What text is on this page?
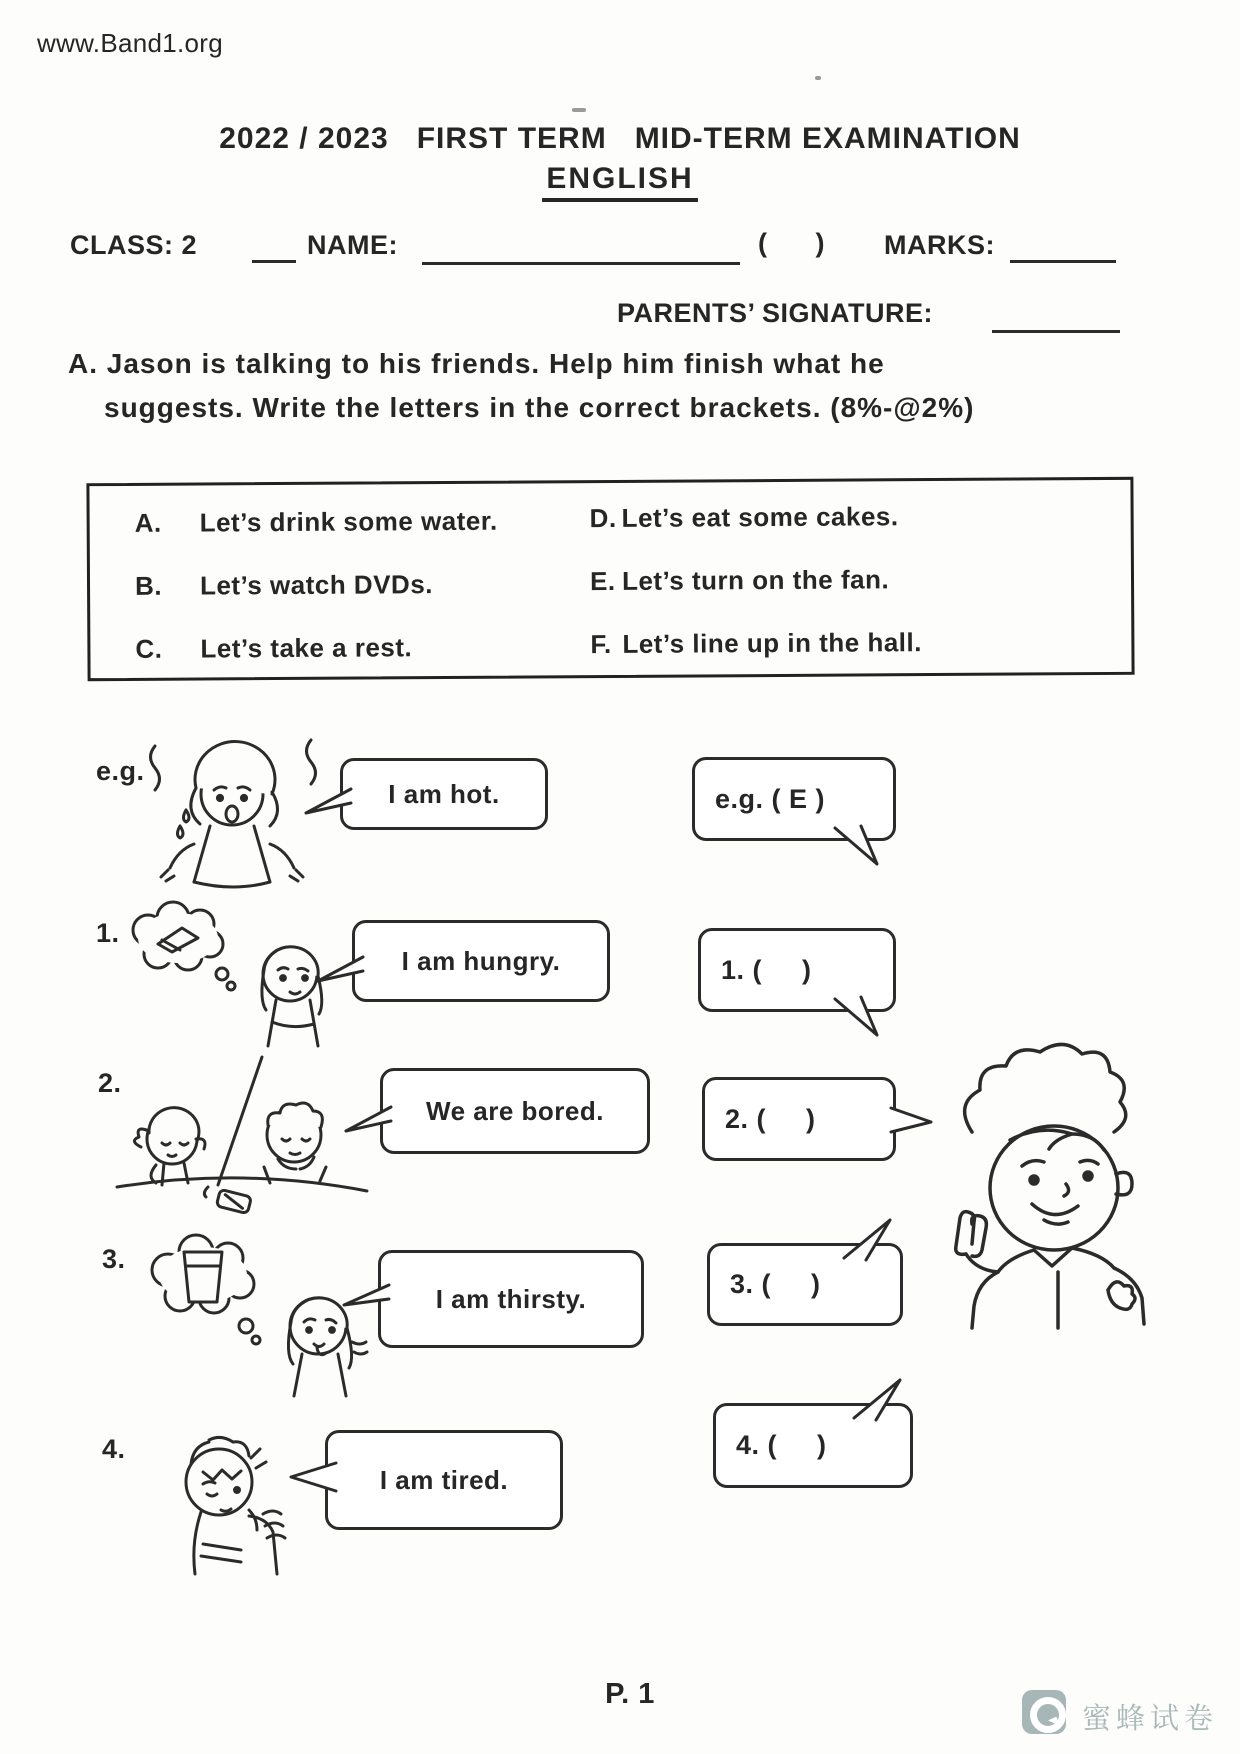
www.Band1.org
2022 / 2023   FIRST TERM   MID-TERM EXAMINATION
ENGLISH
CLASS: 2	NAME:	(      ) MARKS:
PARENTS’ SIGNATURE:
A. Jason is talking to his friends. Help him finish what he
suggests. Write the letters in the correct brackets. (8%-@2%)
A. Let’s drink some water.
B. Let’s watch DVDs.
C. Let’s take a rest.
D. Let’s eat some cakes.
E. Let’s turn on the fan.
F. Let’s line up in the hall.
e.g.
I am hot.	e.g. ( E )
1.
I am hungry.	1. (     )
2.
We are bored.	2. (     )
3.
I am thirsty.	3. (     )
4.
I am tired.
4. (     )
P. 1
蜜蜂试卷
